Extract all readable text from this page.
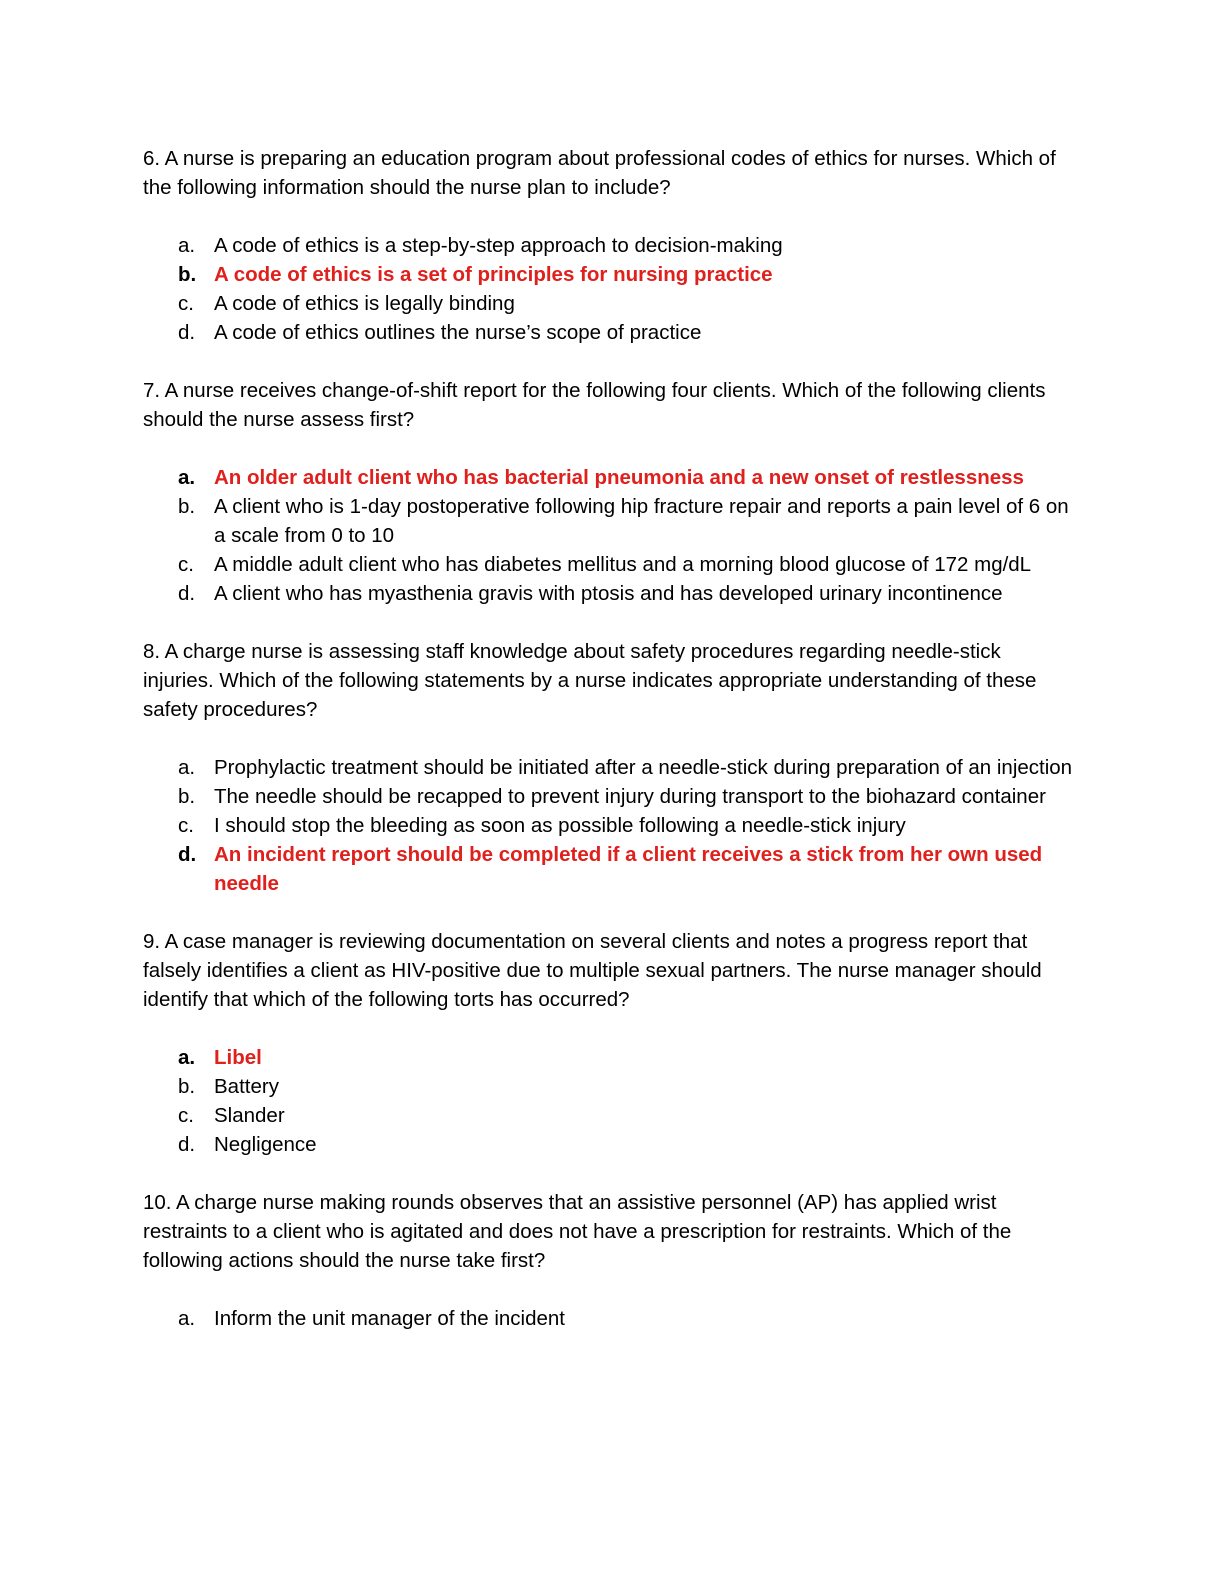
6. A nurse is preparing an education program about professional codes of ethics for nurses. Which of the following information should the nurse plan to include?

a. A code of ethics is a step-by-step approach to decision-making
b. A code of ethics is a set of principles for nursing practice
c. A code of ethics is legally binding
d. A code of ethics outlines the nurse’s scope of practice

7. A nurse receives change-of-shift report for the following four clients. Which of the following clients should the nurse assess first?

a. An older adult client who has bacterial pneumonia and a new onset of restlessness
b. A client who is 1-day postoperative following hip fracture repair and reports a pain level of 6 on a scale from 0 to 10
c. A middle adult client who has diabetes mellitus and a morning blood glucose of 172 mg/dL
d. A client who has myasthenia gravis with ptosis and has developed urinary incontinence

8. A charge nurse is assessing staff knowledge about safety procedures regarding needle-stick injuries. Which of the following statements by a nurse indicates appropriate understanding of these safety procedures?

a. Prophylactic treatment should be initiated after a needle-stick during preparation of an injection
b. The needle should be recapped to prevent injury during transport to the biohazard container
c. I should stop the bleeding as soon as possible following a needle-stick injury
d. An incident report should be completed if a client receives a stick from her own used needle

9. A case manager is reviewing documentation on several clients and notes a progress report that falsely identifies a client as HIV-positive due to multiple sexual partners. The nurse manager should identify that which of the following torts has occurred?

a. Libel
b. Battery
c. Slander
d. Negligence

10. A charge nurse making rounds observes that an assistive personnel (AP) has applied wrist restraints to a client who is agitated and does not have a prescription for restraints. Which of the following actions should the nurse take first?

a. Inform the unit manager of the incident
